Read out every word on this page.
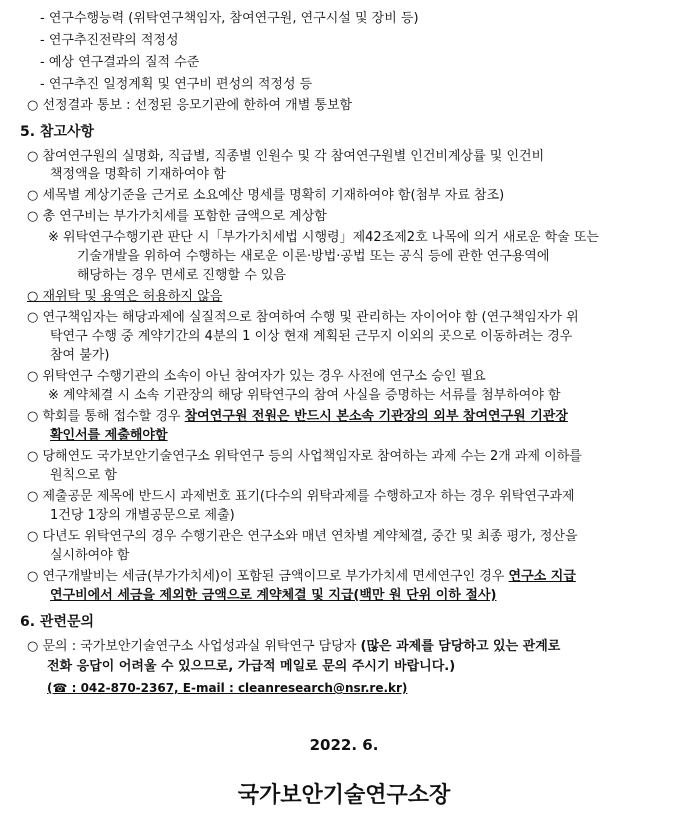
- 연구수행능력 (위탁연구책임자, 참여연구원, 연구시설 및 장비 등)
- 연구추진전략의 적정성
- 예상 연구결과의 질적 수준
- 연구추진 일정계획 및 연구비 편성의 적정성 등
○ 선정결과 통보 : 선정된 응모기관에 한하여 개별 통보함
5. 참고사항
○ 참여연구원의 실명화, 직급별, 직종별 인원수 및 각 참여연구원별 인건비계상률 및 인건비
책정액을 명확히 기재하여야 함
○ 세목별 계상기준을 근거로 소요예산 명세를 명확히 기재하여야 함(첨부 자료 참조)
○ 총 연구비는 부가가치세를 포함한 금액으로 계상함
※ 위탁연구수행기관 판단 시「부가가치세법 시행령」제42조제2호 나목에 의거 새로운 학술 또는
기술개발을 위하여 수행하는 새로운 이론·방법·공법 또는 공식 등에 관한 연구용역에
해당하는 경우 면세로 진행할 수 있음
○ 재위탁 및 용역은 허용하지 않음
○ 연구책임자는 해당과제에 실질적으로 참여하여 수행 및 관리하는 자이어야 함 (연구책임자가 위
탁연구 수행 중 계약기간의 4분의 1 이상 현재 계획된 근무지 이외의 곳으로 이동하려는 경우
참여 불가)
○ 위탁연구 수행기관의 소속이 아닌 참여자가 있는 경우 사전에 연구소 승인 필요
※ 계약체결 시 소속 기관장의 해당 위탁연구의 참여 사실을 증명하는 서류를 첨부하여야 함
○ 학회를 통해 접수할 경우 참여연구원 전원은 반드시 본소속 기관장의 외부 참여연구원 기관장
확인서를 제출해야함
○ 당해연도 국가보안기술연구소 위탁연구 등의 사업책임자로 참여하는 과제 수는 2개 과제 이하를
원칙으로 함
○ 제출공문 제목에 반드시 과제번호 표기(다수의 위탁과제를 수행하고자 하는 경우 위탁연구과제
1건당 1장의 개별공문으로 제출)
○ 다년도 위탁연구의 경우 수행기관은 연구소와 매년 연차별 계약체결, 중간 및 최종 평가, 정산을
실시하여야 함
○ 연구개발비는 세금(부가가치세)이 포함된 금액이므로 부가가치세 면세연구인 경우 연구소 지급
연구비에서 세금을 제외한 금액으로 계약체결 및 지급(백만 원 단위 이하 절사)
6. 관련문의
○ 문의 : 국가보안기술연구소 사업성과실 위탁연구 담당자 (많은 과제를 담당하고 있는 관계로
전화 응답이 어려울 수 있으므로, 가급적 메일로 문의 주시기 바랍니다.)
(☎ : 042-870-2367, E-mail : cleanresearch@nsr.re.kr)
2022. 6.
국가보안기술연구소장
